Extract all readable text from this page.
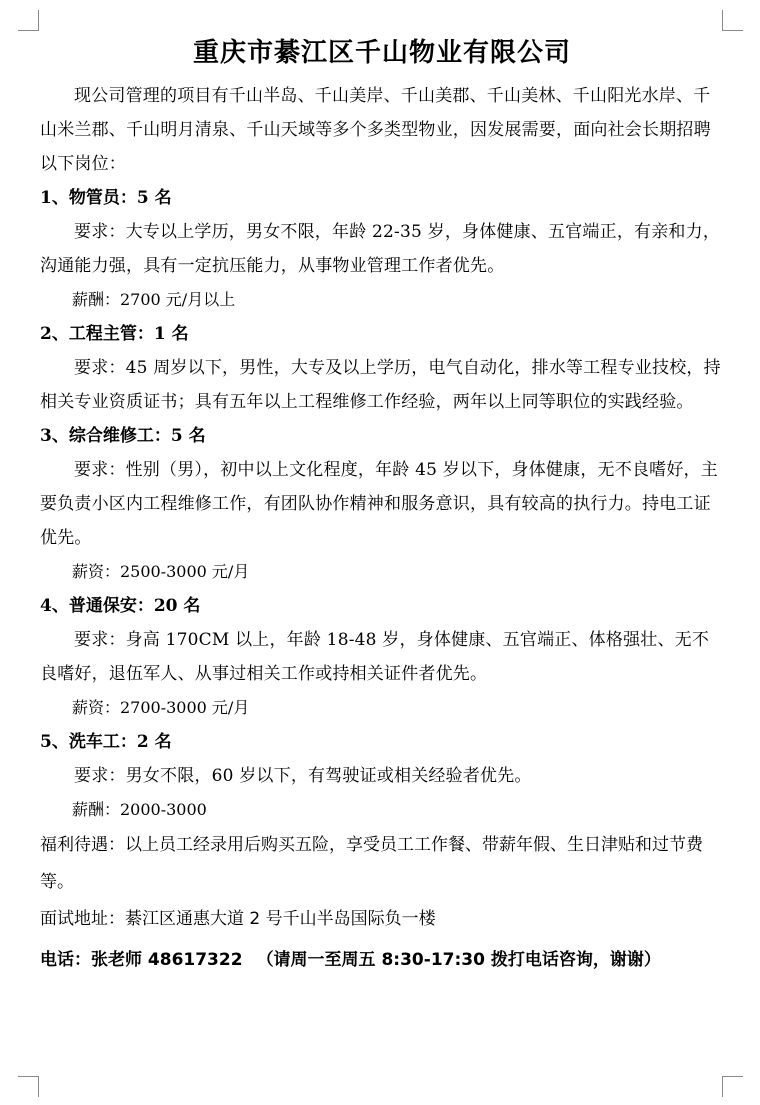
重庆市綦江区千山物业有限公司
现公司管理的项目有千山半岛、千山美岸、千山美郡、千山美林、千山阳光水岸、千山米兰郡、千山明月清泉、千山天域等多个多类型物业，因发展需要，面向社会长期招聘以下岗位：
1、物管员：5 名
要求：大专以上学历，男女不限，年龄 22-35 岁，身体健康、五官端正，有亲和力，沟通能力强，具有一定抗压能力，从事物业管理工作者优先。
薪酬：2700 元/月以上
2、工程主管：1 名
要求：45 周岁以下，男性，大专及以上学历，电气自动化，排水等工程专业技校，持相关专业资质证书；具有五年以上工程维修工作经验，两年以上同等职位的实践经验。
3、综合维修工：5 名
要求：性别（男），初中以上文化程度，年龄 45 岁以下，身体健康，无不良嗜好，主要负责小区内工程维修工作，有团队协作精神和服务意识，具有较高的执行力。持电工证优先。
薪资：2500-3000 元/月
4、普通保安：20 名
要求：身高 170CM 以上，年龄 18-48 岁，身体健康、五官端正、体格强壮、无不良嗜好，退伍军人、从事过相关工作或持相关证件者优先。
薪资：2700-3000 元/月
5、洗车工：2 名
要求：男女不限，60 岁以下，有驾驶证或相关经验者优先。
薪酬：2000-3000
福利待遇：以上员工经录用后购买五险，享受员工工作餐、带薪年假、生日津贴和过节费等。
面试地址：綦江区通惠大道 2 号千山半岛国际负一楼
电话：张老师 48617322 （请周一至周五 8:30-17:30 拨打电话咨询，谢谢）
